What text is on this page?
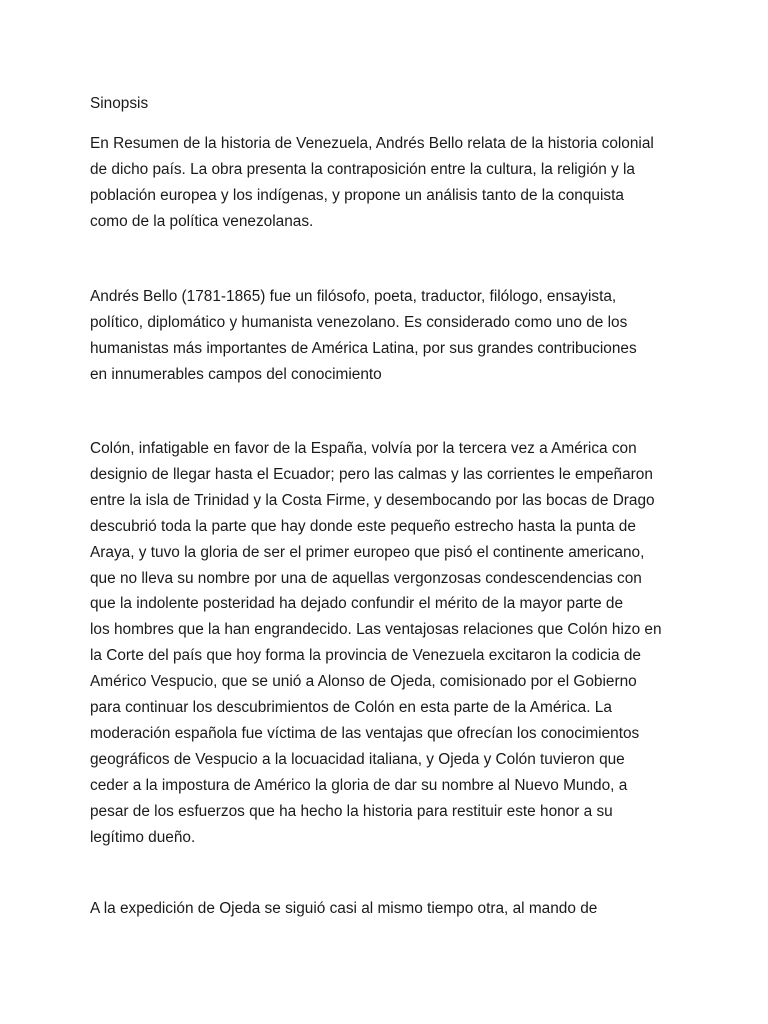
Sinopsis

En Resumen de la historia de Venezuela, Andrés Bello relata de la historia colonial
de dicho país. La obra presenta la contraposición entre la cultura, la religión y la
población europea y los indígenas, y propone un análisis tanto de la conquista
como de la política venezolanas.

Andrés Bello (1781-1865) fue un filósofo, poeta, traductor, filólogo, ensayista,
político, diplomático y humanista venezolano. Es considerado como uno de los
humanistas más importantes de América Latina, por sus grandes contribuciones
en innumerables campos del conocimiento

Colón, infatigable en favor de la España, volvía por la tercera vez a América con
designio de llegar hasta el Ecuador; pero las calmas y las corrientes le empeñaron
entre la isla de Trinidad y la Costa Firme, y desembocando por las bocas de Drago
descubrió toda la parte que hay donde este pequeño estrecho hasta la punta de
Araya, y tuvo la gloria de ser el primer europeo que pisó el continente americano,
que no lleva su nombre por una de aquellas vergonzosas condescendencias con
que la indolente posteridad ha dejado confundir el mérito de la mayor parte de
los hombres que la han engrandecido. Las ventajosas relaciones que Colón hizo en
la Corte del país que hoy forma la provincia de Venezuela excitaron la codicia de
Américo Vespucio, que se unió a Alonso de Ojeda, comisionado por el Gobierno
para continuar los descubrimientos de Colón en esta parte de la América. La
moderación española fue víctima de las ventajas que ofrecían los conocimientos
geográficos de Vespucio a la locuacidad italiana, y Ojeda y Colón tuvieron que
ceder a la impostura de Américo la gloria de dar su nombre al Nuevo Mundo, a
pesar de los esfuerzos que ha hecho la historia para restituir este honor a su
legítimo dueño.

A la expedición de Ojeda se siguió casi al mismo tiempo otra, al mando de
